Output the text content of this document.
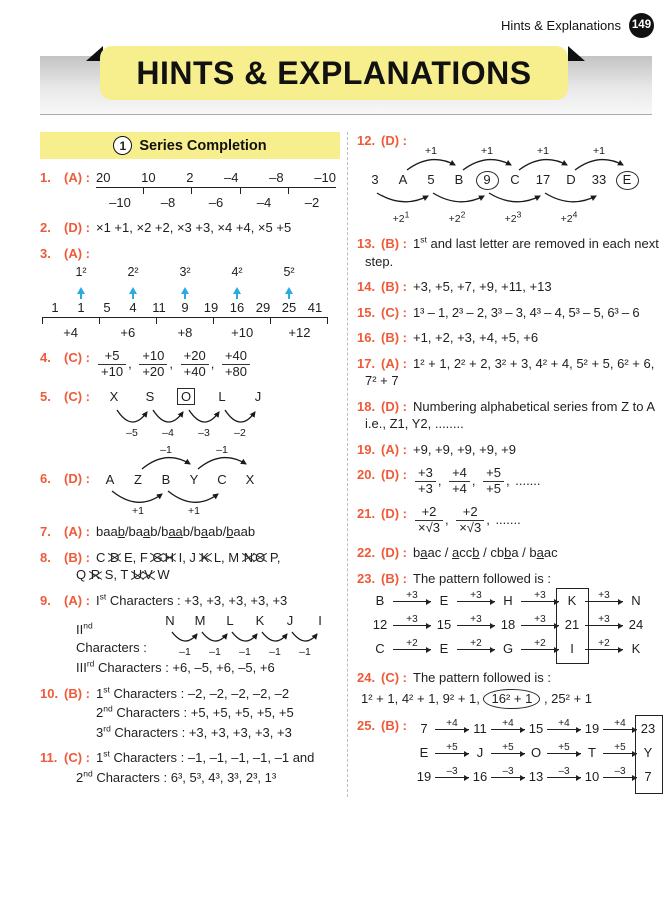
Hints & Explanations 149
HINTS & EXPLANATIONS
1 Series Completion
1. (A) : 20 10 2 –4 –8 –10
–10	–8	–6	–4	–2
2. (D) : ×1 +1, ×2 +2, ×3 +3, ×4 +4, ×5 +5
3. (A) :
1²	2²	3²	4²	5²
1 1 5 4 11 9 19 16 29 25 41
+4	+6	+8	+10	+12
4. (C) : $\frac{+5}{+10}$ , $\frac{+10}{+20}$ , $\frac{+20}{+40}$ , $\frac{+40}{+80}$
5. (C) :	X S O L J
–5 –4 –3 –2
6. (D) :
–1	–1
A Z B Y C X
+1	+1
7. (A) : baab/baab/baab/baab/baab
8. (B) : C D E, F G H I, J K L, M N O P,
Q R S, T U V W
9. (A) : Ist Characters : +3, +3, +3, +3, +3
IInd Characters :
N M L K J I
–1 –1 –1 –1 –1
IIIrd Characters : +6, –5, +6, –5, +6
10. (B) : 1st Characters : –2, –2, –2, –2, –2
2nd Characters : +5, +5, +5, +5, +5
3rd Characters : +3, +3, +3, +3, +3
11. (C) : 1st Characters : –1, –1, –1, –1, –1 and
2nd Characters : 6³, 5³, 4³, 3³, 2³, 1³
12. (D) :
+1	+1	+1	+1
3 A 5 B 9 C 17 D 33 E
$+2^1$	$+2^2$	$+2^3$	$+2^4$
13. (B) : 1st and last letter are removed in each next step.
14. (B) : +3, +5, +7, +9, +11, +13
15. (C) : 1³ – 1, 2³ – 2, 3³ – 3, 4³ – 4, 5³ – 5, 6³ – 6
16. (B) : +1, +2, +3, +4, +5, +6
17. (A) : 1² + 1, 2² + 2, 3² + 3, 4² + 4, 5² + 5, 6² + 6, 7² + 7
18. (D) : Numbering alphabetical series from Z to A i.e., Z1, Y2, ........
19. (A) : +9, +9, +9, +9, +9
20. (D) : $\frac{+3}{+3}$ , $\frac{+4}{+4}$ , $\frac{+5}{+5}$ , .......
21. (D) : $\frac{+2}{\times√3}$ , $\frac{+2}{\times√3}$ , .......
22. (D) : baac / accb / cbba / baac
23. (B) : The pattern followed is :
B	+3	E	+3	H	+3	K	+3	N
12	+3	15	+3	18	+3	21	+3	24
C	+2	E	+2	G	+2	I	+2	K
24. (C) : The pattern followed is :
1² + 1, 4² + 1, 9² + 1, 16² + 1 , 25² + 1
25. (B) :	7	+4	11	+4	15	+4	19	+4	23
E	+5	J	+5	O	+5	T	+5	Y
19	–3	16	–3	13	–3	10	–3	7
